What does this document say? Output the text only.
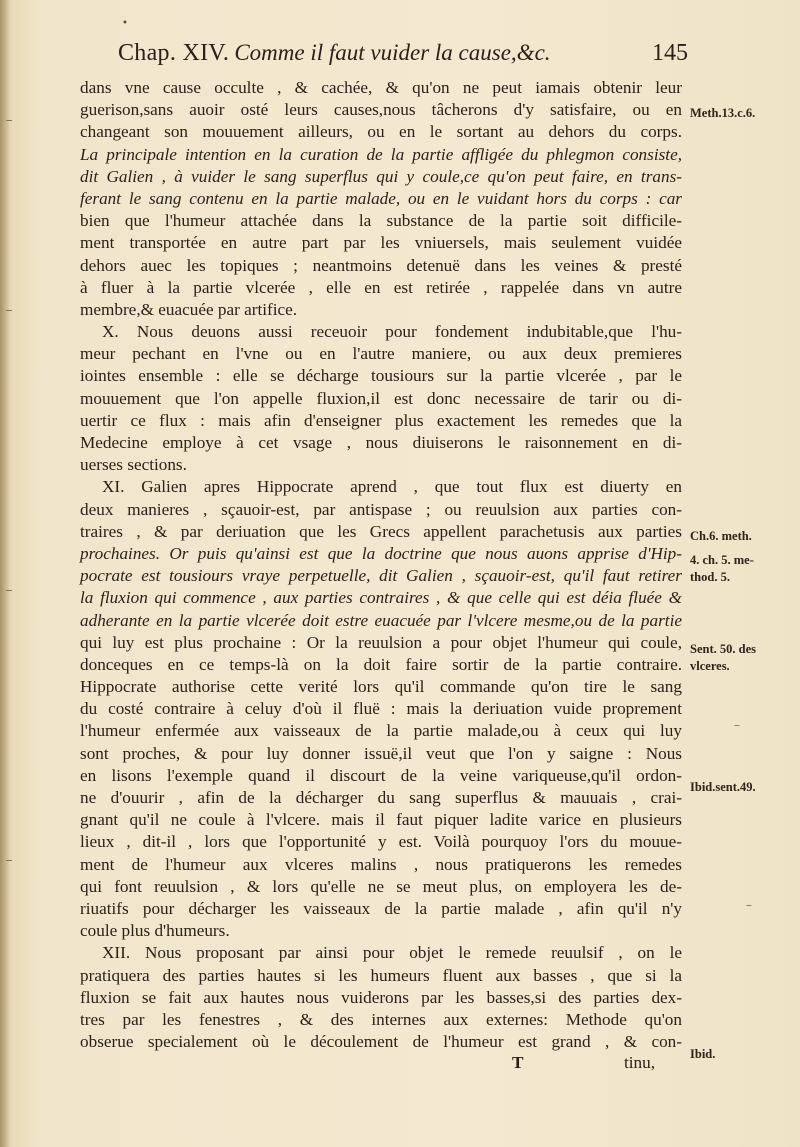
•
Chap. XIV. Comme il faut vuider la cause,&c.	145
dans vne cause occulte , & cachée, & qu'on ne peut iamais obtenir leur
guerison,sans auoir osté leurs causes,nous tâcherons d'y satisfaire, ou en
changeant son mouuement ailleurs, ou en le sortant au dehors du corps.
La principale intention en la curation de la partie affligée du phlegmon consiste,
dit Galien , à vuider le sang superflus qui y coule,ce qu'on peut faire, en trans-
ferant le sang contenu en la partie malade, ou en le vuidant hors du corps : car
bien que l'humeur attachée dans la substance de la partie soit difficile-
ment transportée en autre part par les vniuersels, mais seulement vuidée
dehors auec les topiques ; neantmoins detenuë dans les veines & presté
à fluer à la partie vlcerée , elle en est retirée , rappelée dans vn autre
membre,& euacuée par artifice.
X. Nous deuons aussi receuoir pour fondement indubitable,que l'hu-
meur pechant en l'vne ou en l'autre maniere, ou aux deux premieres
iointes ensemble : elle se décharge tousiours sur la partie vlcerée , par le
mouuement que l'on appelle fluxion,il est donc necessaire de tarir ou di-
uertir ce flux : mais afin d'enseigner plus exactement les remedes que la
Medecine employe à cet vsage , nous diuiserons le raisonnement en di-
uerses sections.
XI. Galien apres Hippocrate aprend , que tout flux est diuerty en
deux manieres , sçauoir-est, par antispase ; ou reuulsion aux parties con-
traires , & par deriuation que les Grecs appellent parachetusis aux parties
prochaines. Or puis qu'ainsi est que la doctrine que nous auons apprise d'Hip-
pocrate est tousiours vraye perpetuelle, dit Galien , sçauoir-est, qu'il faut retirer
la fluxion qui commence , aux parties contraires , & que celle qui est déia fluée &
adherante en la partie vlcerée doit estre euacuée par l'vlcere mesme,ou de la partie
qui luy est plus prochaine : Or la reuulsion a pour objet l'humeur qui coule,
donceques en ce temps-là on la doit faire sortir de la partie contraire.
Hippocrate authorise cette verité lors qu'il commande qu'on tire le sang
du costé contraire à celuy d'où il fluë : mais la deriuation vuide proprement
l'humeur enfermée aux vaisseaux de la partie malade,ou à ceux qui luy
sont proches, & pour luy donner issuë,il veut que l'on y saigne : Nous
en lisons l'exemple quand il discourt de la veine variqueuse,qu'il ordon-
ne d'ouurir , afin de la décharger du sang superflus & mauuais , crai-
gnant qu'il ne coule à l'vlcere. mais il faut piquer ladite varice en plusieurs
lieux , dit-il , lors que l'opportunité y est. Voilà pourquoy l'ors du mouue-
ment de l'humeur aux vlceres malins , nous pratiquerons les remedes
qui font reuulsion , & lors qu'elle ne se meut plus, on employera les de-
riuatifs pour décharger les vaisseaux de la partie malade , afin qu'il n'y
coule plus d'humeurs.
XII. Nous proposant par ainsi pour objet le remede reuulsif , on le
pratiquera des parties hautes si les humeurs fluent aux basses , que si la
fluxion se fait aux hautes nous vuiderons par les basses,si des parties dex-
tres par les fenestres , & des internes aux externes: Methode qu'on
obserue specialement où le découlement de l'humeur est grand , & con-
T	tinu,
Meth.13.c.6.
Ch.6. meth.
4. ch. 5. me-
thod. 5.
Sent. 50. des
vlceres.
Ibid.sent.49.
Ibid.
–
–
